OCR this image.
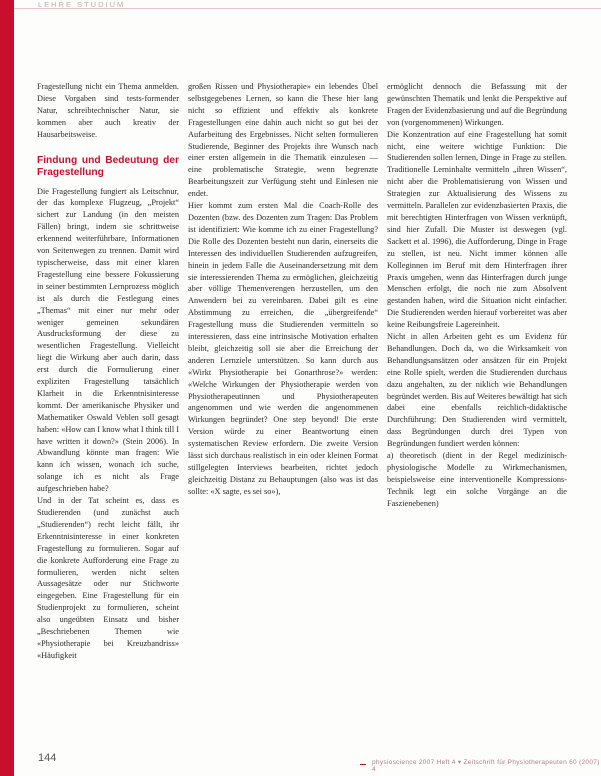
LEHRE STUDIUM

Fragestellung nicht ein Thema anmelden. Diese Vorgaben sind tests-formender Natur, schreibtechnischer Natur, sie kommen aber auch kreativ der Hausarbeitsweise.

Findung und Bedeutung der Fragestellung

Die Fragestellung fungiert als Leitschnur, der das komplexe Flugzeug, „Projekt“ sichert zur Landung (in den meisten Fällen) bringt, indem sie schrittweise erkennend weiterführbare, Informationen von Seitenwegen zu trennen. Damit wird typischerweise, dass mit einer klaren Fragestellung eine bessere Fokussierung in seiner bestimmten Lernprozess möglich ist als durch die Festlegung eines „Themas“ mit einer nur mehr oder weniger gemeinen sekundären Ausdrucksformung der diese zu wesentlichen Fragestellung. Vielleicht liegt die Wirkung aber auch darin, dass erst durch die Formulierung einer expliziten Fragestellung tatsächlich Klarheit in die Erkenntnisinteresse kommt. Der amerikanische Physiker und Mathematiker Oswald Veblen soll gesagt haben: «How can I know what I think till I have written it down?» (Stein 2006). In Abwandlung könnte man fragen: Wie kann ich wissen, wonach ich suche, solange ich es nicht als Frage aufgeschrieben habe?

Und in der Tat scheint es, dass es Studierenden (und zunächst auch „Studierenden“) recht leicht fällt, ihr Erkenntnisinteresse in einer konkreten Fragestellung zu formulieren. Sogar auf die konkrete Aufforderung eine Frage zu formulieren, werden nicht selten Aussagesätze oder nur Stichworte eingegeben. Eine Fragestellung für ein Studienprojekt zu formulieren, scheint also ungeübten Einsatz und bisher „Beschriebenen Themen wie «Physiotherapie bei Kreuzbandriss» «Häufigkeit

großen Rissen und Physiotherapie» ein lebendes Übel selbstgegebenes Lernen, so kann die These hier lang nicht so effizient und effektiv als konkrete Fragestellungen eine dahin auch nicht so gut bei der Aufarbeitung des Ergebnisses. Nicht selten formulieren Studierende, Beginner des Projekts ihre Wunsch nach einer ersten allgemein in die Thematik einzulesen — eine problematische Strategie, wenn begrenzte Bearbeitungszeit zur Verfügung steht und Einlesen nie endet.

Hier kommt zum ersten Mal die Coach-Rolle des Dozenten (bzw. des Dozenten zum Tragen: Das Problem ist identifiziert: Wie komme ich zu einer Fragestellung? Die Rolle des Dozenten besteht nun darin, einerseits die Interessen des individuellen Studierenden aufzugreifen, hinein in jedem Falle die Auseinandersetzung mit dem sie interessierenden Thema zu ermöglichen, gleichzeitig aber völlige Themenverengen herzustellen, um den Anwendern bei zu vereinbaren. Dabei gilt es eine Abstimmung zu erreichen, die „übergreifende“ Fragestellung muss die Studierenden vermitteln so interessieren, dass eine intrinsische Motivation erhalten bleibt, gleichzeitig soll sie aber die Erreichung der anderen Lernziele unterstützen. So kann durch aus «Wirkt Physiotherapie bei Gonarthrose?» werden: «Welche Wirkungen der Physiotherapie werden von Physiotherapeutinnen und Physiotherapeuten angenommen und wie werden die angenommenen Wirkungen begründet? One step beyond! Die erste Version würde zu einer Beantwortung einen systematischen Review erfordern. Die zweite Version lässt sich durchaus realistisch in ein oder kleinen Format stillgelegten Interviews bearbeiten, richtet jedoch gleichzeitig Distanz zu Behauptungen (also was ist das sollte: «X sagte, es sei so»),

ermöglicht dennoch die Befassung mit der gewünschten Thematik und lenkt die Perspektive auf Fragen der Evidenzbasierung und auf die Begründung von (vorgenommenen) Wirkungen.

Die Konzentration auf eine Fragestellung hat somit nicht, eine weitere wichtige Funktion: Die Studierenden sollen lernen, Dinge in Frage zu stellen. Traditionelle Lerninhalte vermitteln „ihren Wissen“, nicht aber die Problematisierung von Wissen und Strategien zur Aktualisierung des Wissens zu vermitteln. Parallelen zur evidenzbasierten Praxis, die mit berechtigten Hinterfragen von Wissen verknüpft, sind hier Zufall. Die Muster ist deswegen (vgl. Sackett et al. 1996), die Aufforderung, Dinge in Frage zu stellen, ist neu. Nicht immer können alle Kolleginnen im Beruf mit dem Hinterfragen ihrer Praxis umgehen, wenn das Hinterfragen durch junge Menschen erfolgt, die noch nie zum Absolvent gestanden haben, wird die Situation nicht einfacher. Die Studierenden werden hierauf vorbereitet was aber keine Reibungsfreie Lagereinheit.

Nicht in allen Arbeiten geht es um Evidenz für Behandlungen. Doch da, wo die Wirksamkeit von Behandlungsansätzen oder ansätzen für ein Projekt eine Rolle spielt, werden die Studierenden durchaus dazu angehalten, zu der niklich wie Behandlungen begründet werden. Bis auf Weiteres bewältigt hat sich dabei eine ebenfalls reichlich-didaktische Durchführung: Den Studierenden wird vermittelt, dass Begründungen durch drei Typen von Begründungen fundiert werden können:

a) theoretisch (dient in der Regel medizinisch-physiologische Modelle zu Wirkmechanismen, beispielsweise eine interventionelle Kompressions-Technik legt ein solche Vorgänge an die Faszienebenen)

144	physioscience 2007 Heft 4 ▾ Zeitschrift für Physiotherapeuten 60 (2007) 4
